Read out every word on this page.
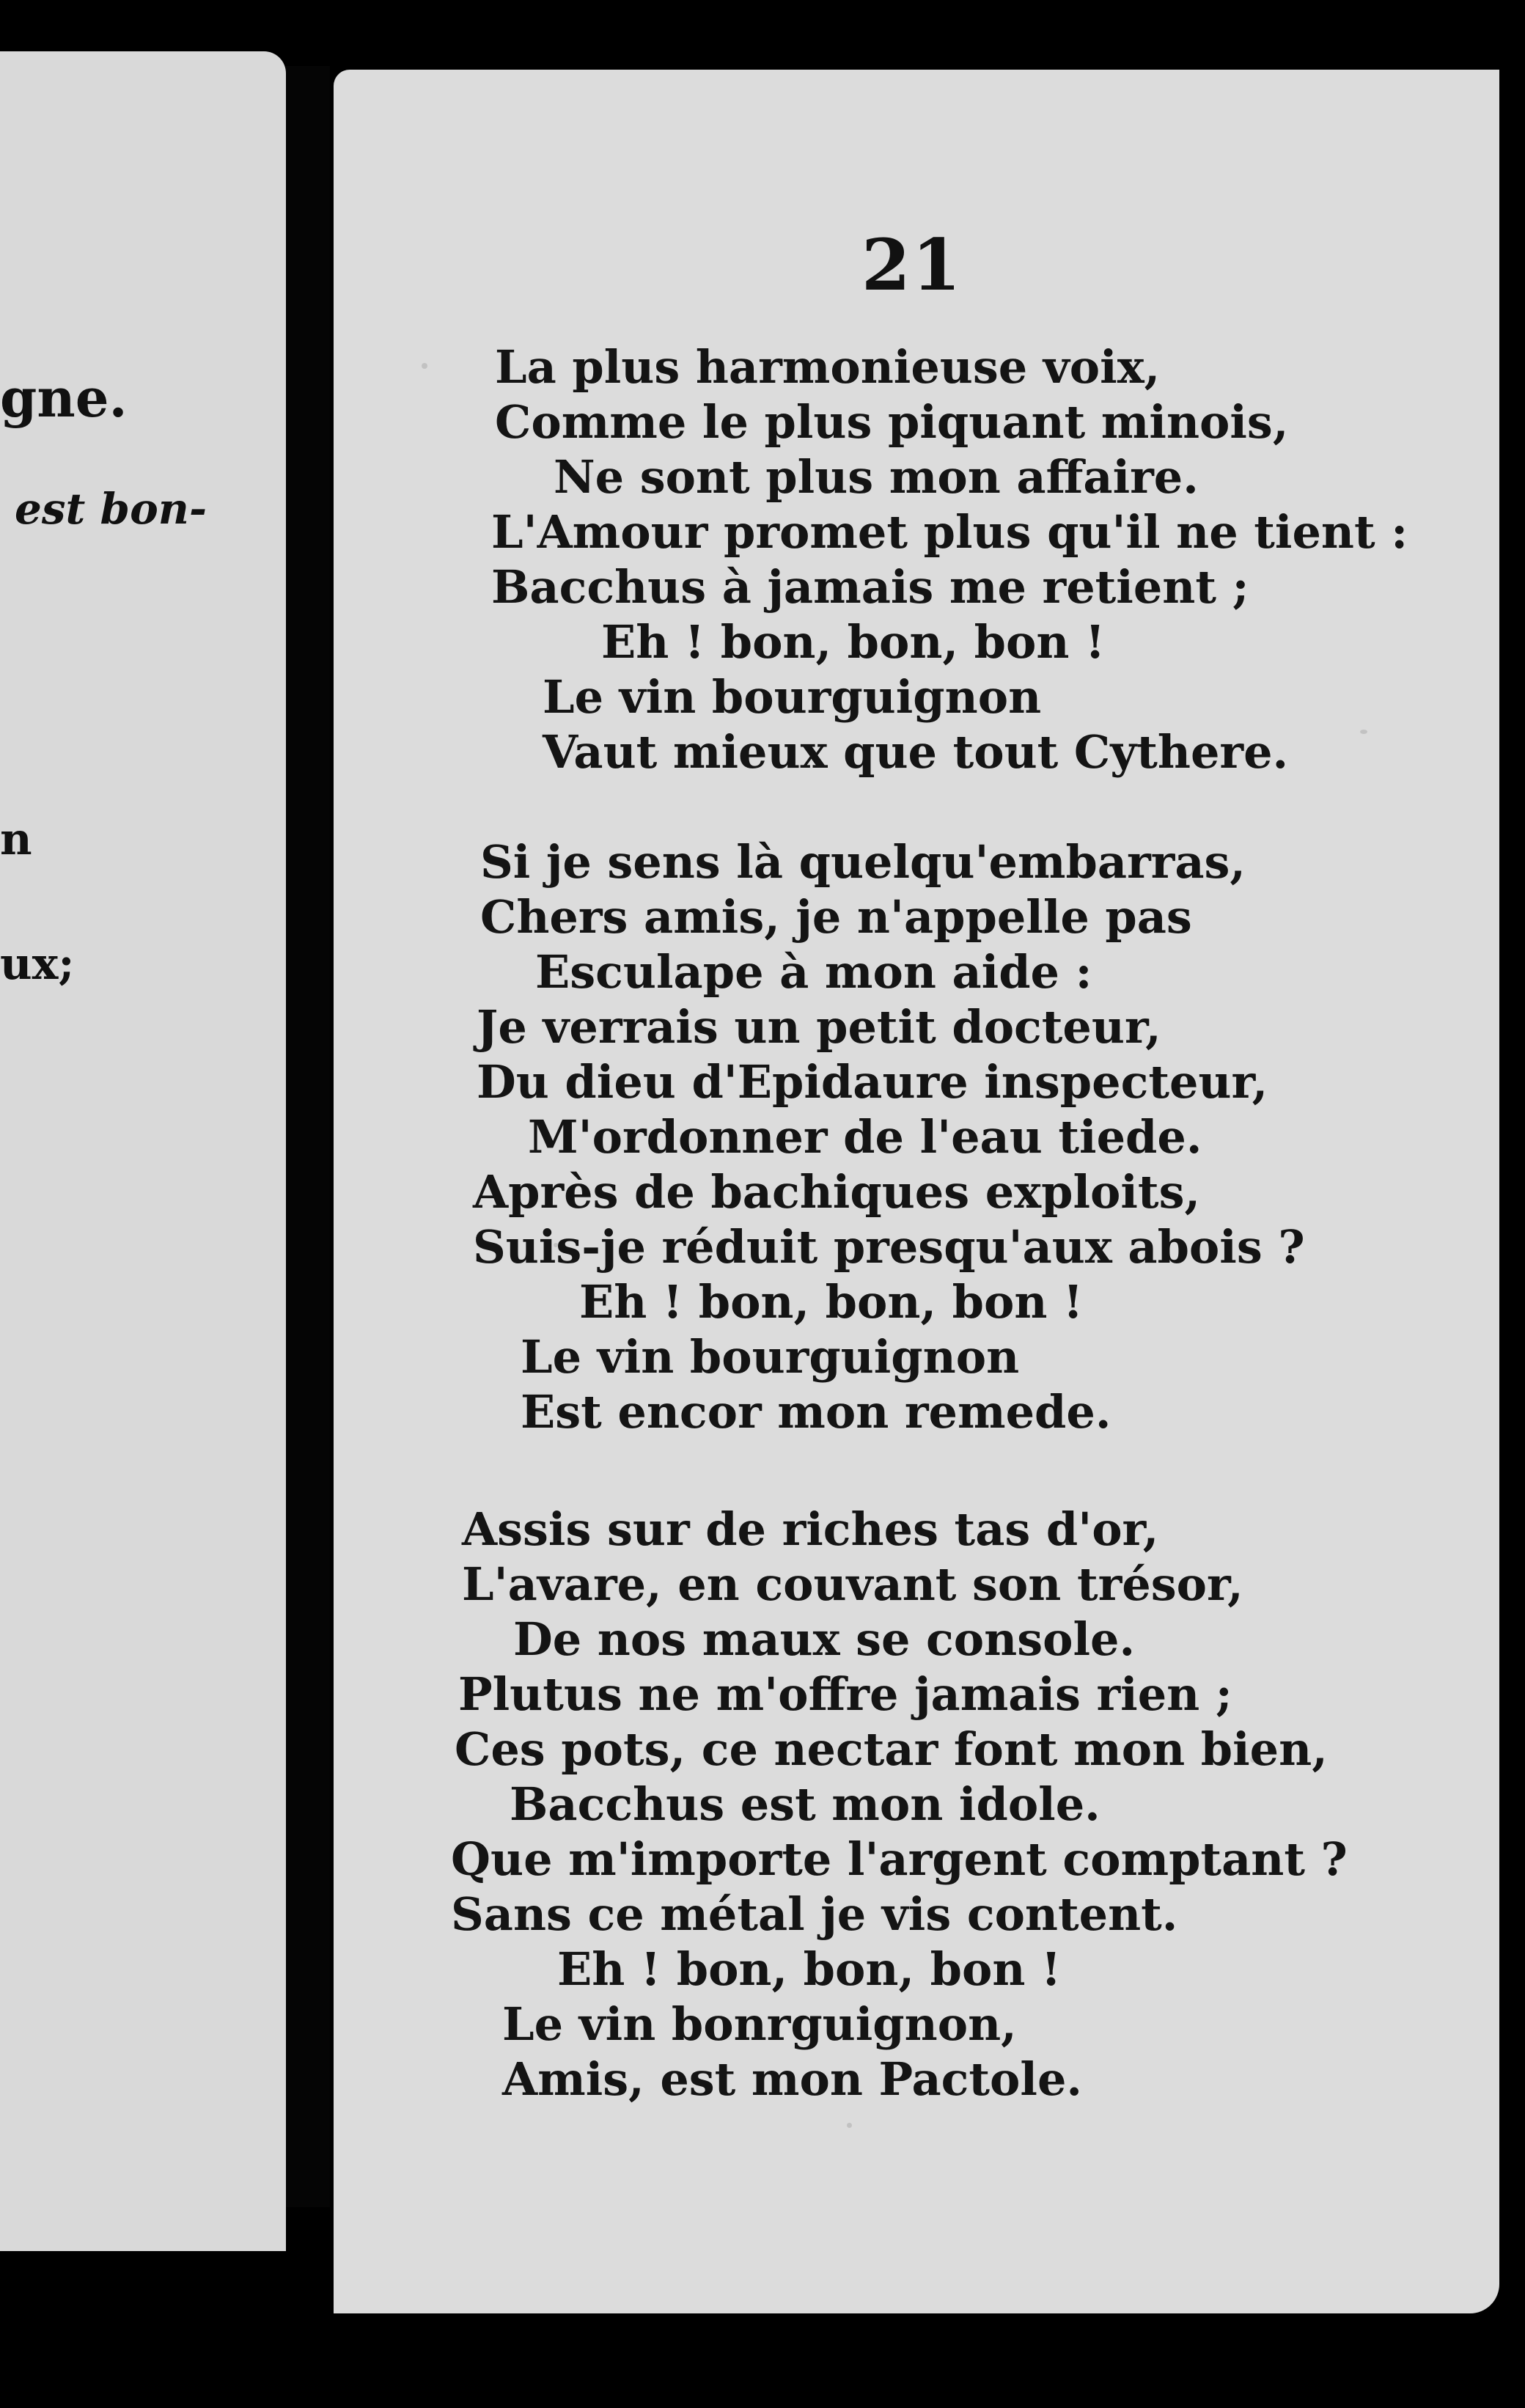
gne.
est bon-
n
ux;
21
La plus harmonieuse voix,
Comme le plus piquant minois,
Ne sont plus mon affaire.
L'Amour promet plus qu'il ne tient :
Bacchus à jamais me retient ;
Eh ! bon, bon, bon !
Le vin bourguignon
Vaut mieux que tout Cythere.
Si je sens là quelqu'embarras,
Chers amis, je n'appelle pas
Esculape à mon aide :
Je verrais un petit docteur,
Du dieu d'Epidaure inspecteur,
M'ordonner de l'eau tiede.
Après de bachiques exploits,
Suis-je réduit presqu'aux abois ?
Eh ! bon, bon, bon !
Le vin bourguignon
Est encor mon remede.
Assis sur de riches tas d'or,
L'avare, en couvant son trésor,
De nos maux se console.
Plutus ne m'offre jamais rien ;
Ces pots, ce nectar font mon bien,
Bacchus est mon idole.
Que m'importe l'argent comptant ?
Sans ce métal je vis content.
Eh ! bon, bon, bon !
Le vin bonrguignon,
Amis, est mon Pactole.
